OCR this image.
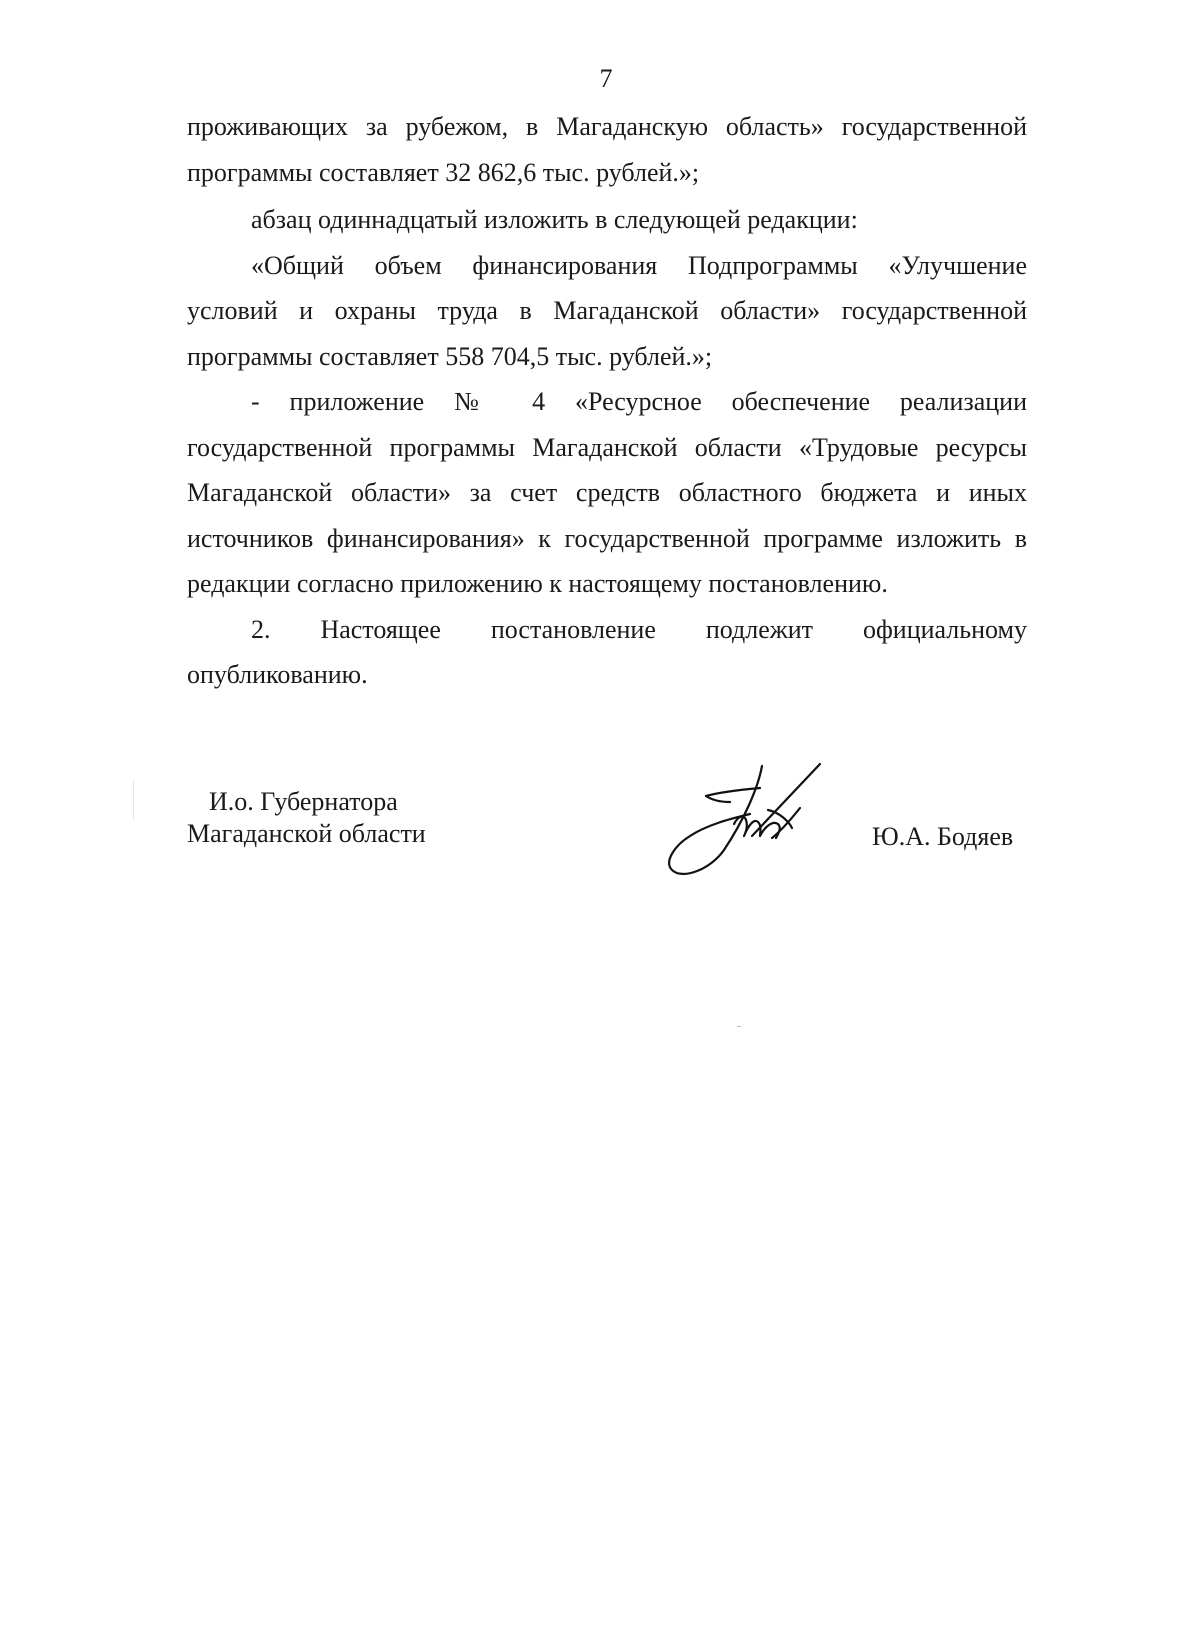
7

проживающих за рубежом, в Магаданскую область» государственной программы составляет 32 862,6 тыс. рублей.»;

абзац одиннадцатый изложить в следующей редакции:

«Общий объем финансирования Подпрограммы «Улучшение условий и охраны труда в Магаданской области» государственной программы составляет 558 704,5 тыс. рублей.»;

- приложение № 4 «Ресурсное обеспечение реализации государственной программы Магаданской области «Трудовые ресурсы Магаданской области» за счет средств областного бюджета и иных источников финансирования» к государственной программе изложить в редакции согласно приложению к настоящему постановлению.

2. Настоящее постановление подлежит официальному опубликованию.

И.о. Губернатора
Магаданской области	Ю.А. Бодяев
